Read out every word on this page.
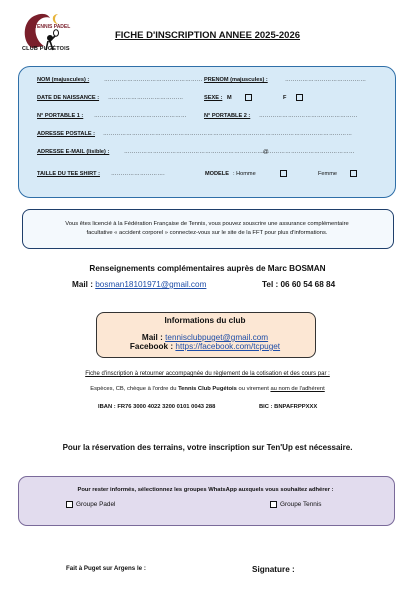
TENNIS PADEL
CLUB PUGÉTOIS
FICHE D'INSCRIPTION ANNEE 2025-2026
NOM (majuscules) :	…………………………………………… PRENOM (majuscules) :	……………………………………
DATE DE NAISSANCE : …………………………………	SEXE : M	F
N° PORTABLE 1 : …………………………………………	N° PORTABLE 2 : ……………………………………………
ADRESSE POSTALE : …………………………………………………………………………………………………………………
ADRESSE E-MAIL (lisible) :	………………………………………………………………@
…………………………………………
TAILLE DU TEE SHIRT : ……………………….	MODELE : Homme	Femme
Vous êtes licencié à la Fédération Française de Tennis, vous pouvez souscrire une assurance complémentaire
facultative « accident corporel » connectez-vous sur le site de la FFT pour plus d'informations.
Renseignements complémentaires auprès de Marc BOSMAN
Mail : bosman18101971@gmail.com	Tel : 06 60 54 68 84
Informations du club
Mail : tennisclubpuget@gmail.com
Facebook : https://facebook.com/tcpuget
Fiche d'inscription à retourner accompagnée du règlement de la cotisation et des cours par :
Espèces, CB, chèque à l'ordre du Tennis Club Pugétois ou virement au nom de l'adhérent
IBAN : FR76 3000 4022 3200 0101 0043 288	BIC : BNPAFRPPXXX
Pour la réservation des terrains, votre inscription sur Ten'Up est nécessaire.
Pour rester informés, sélectionnez les groupes WhatsApp auxquels vous souhaitez adhérer :
Groupe Padel	Groupe Tennis
Fait à Puget sur Argens le :	Signature :
